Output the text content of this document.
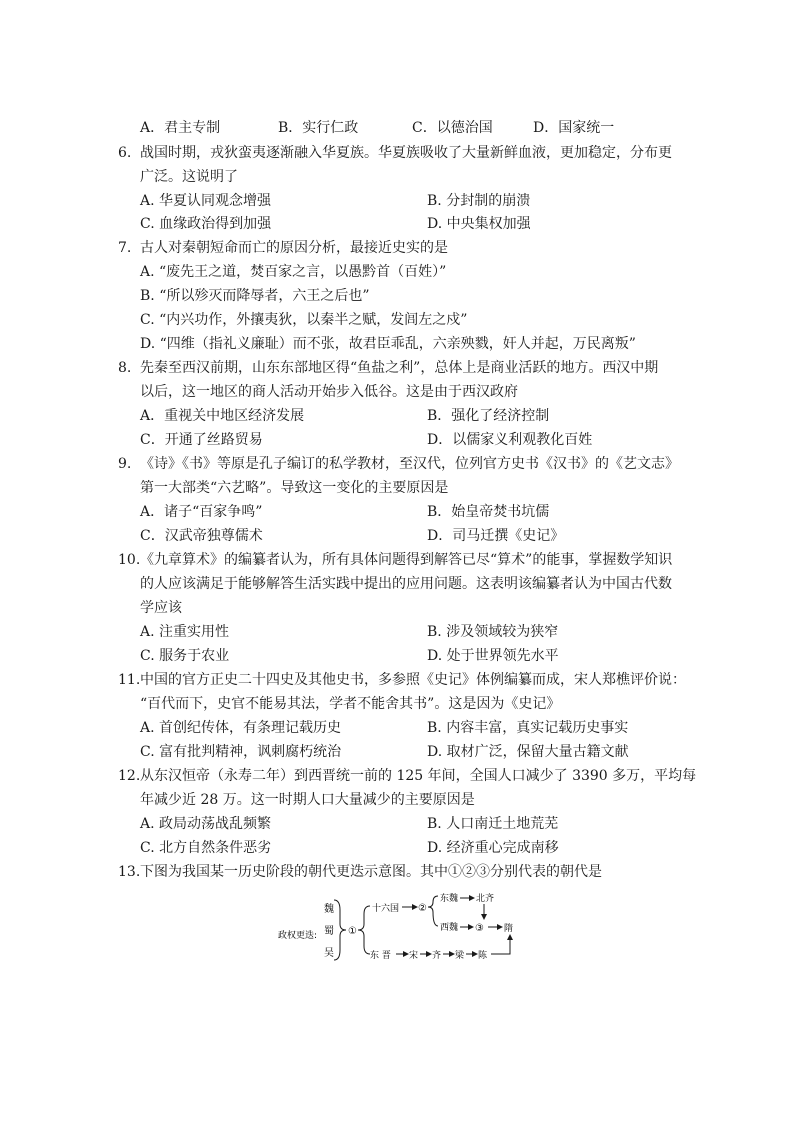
A．君主专制	B．实行仁政	C．以德治国	D．国家统一
6. 战国时期，戎狄蛮夷逐渐融入华夏族。华夏族吸收了大量新鲜血液，更加稳定，分布更
广泛。这说明了
A. 华夏认同观念增强	B. 分封制的崩溃
C. 血缘政治得到加强	D. 中央集权加强
7. 古人对秦朝短命而亡的原因分析，最接近史实的是
A. “废先王之道，焚百家之言，以愚黔首（百姓）”
B. “所以殄灭而降辱者，六王之后也”
C. “内兴功作，外攘夷狄，以秦半之赋，发闾左之戍”
D. “四维（指礼义廉耻）而不张，故君臣乖乱，六亲殃戮，奸人并起，万民离叛”
8. 先秦至西汉前期，山东东部地区得“鱼盐之利”，总体上是商业活跃的地方。西汉中期
以后，这一地区的商人活动开始步入低谷。这是由于西汉政府
A．重视关中地区经济发展	B．强化了经济控制
C．开通了丝路贸易	D．以儒家义利观教化百姓
9. 《诗》《书》等原是孔子编订的私学教材，至汉代，位列官方史书《汉书》的《艺文志》
第一大部类“六艺略”。导致这一变化的主要原因是
A．诸子“百家争鸣”	B．始皇帝焚书坑儒
C．汉武帝独尊儒术	D．司马迁撰《史记》
10. 《九章算术》的编纂者认为，所有具体问题得到解答已尽“算术”的能事，掌握数学知识
的人应该满足于能够解答生活实践中提出的应用问题。这表明该编纂者认为中国古代数
学应该
A. 注重实用性	B. 涉及领域较为狭窄
C. 服务于农业	D. 处于世界领先水平
11. 中国的官方正史二十四史及其他史书，多参照《史记》体例编纂而成，宋人郑樵评价说：
“百代而下，史官不能易其法，学者不能舍其书”。这是因为《史记》
A. 首创纪传体，有条理记载历史	B. 内容丰富，真实记载历史事实
C. 富有批判精神，讽刺腐朽统治	D. 取材广泛，保留大量古籍文献
12. 从东汉恒帝（永寿二年）到西晋统一前的 125 年间，全国人口减少了 3390 多万，平均每
年减少近 28 万。这一时期人口大量减少的主要原因是
A. 政局动荡战乱频繁	B. 人口南迁土地荒芜
C. 北方自然条件恶劣	D. 经济重心完成南移
13. 下图为我国某一历史阶段的朝代更迭示意图。其中①②③分别代表的朝代是
政权更迭:
魏
蜀
吴
①
十六国 ②
东魏 北齐
西魏 ③ 隋
东 晋 宋 齐 梁 陈
